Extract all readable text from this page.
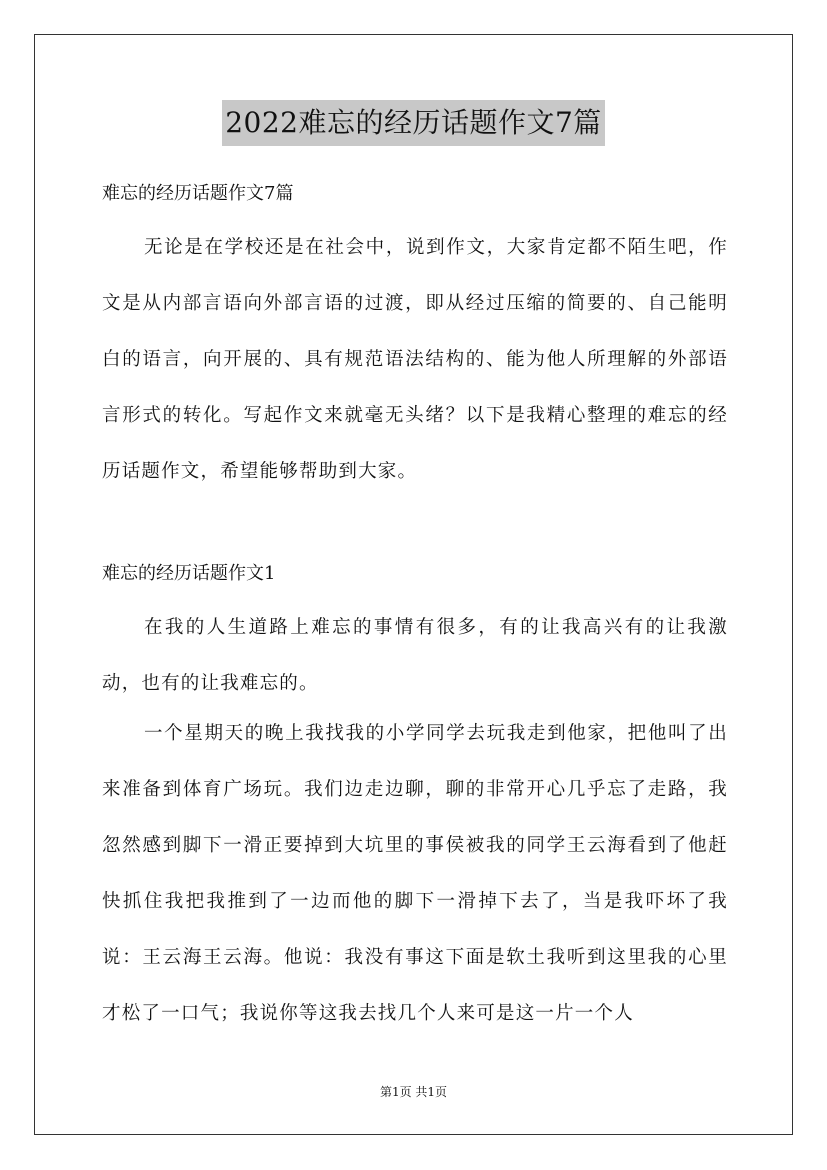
2022难忘的经历话题作文7篇
难忘的经历话题作文7篇

无论是在学校还是在社会中，说到作文，大家肯定都不陌生吧，作文是从内部言语向外部言语的过渡，即从经过压缩的简要的、自己能明白的语言，向开展的、具有规范语法结构的、能为他人所理解的外部语言形式的转化。写起作文来就毫无头绪？以下是我精心整理的难忘的经历话题作文，希望能够帮助到大家。

难忘的经历话题作文1

在我的人生道路上难忘的事情有很多，有的让我高兴有的让我激动，也有的让我难忘的。

一个星期天的晚上我找我的小学同学去玩我走到他家，把他叫了出来准备到体育广场玩。我们边走边聊，聊的非常开心几乎忘了走路，我忽然感到脚下一滑正要掉到大坑里的事侯被我的同学王云海看到了他赶快抓住我把我推到了一边而他的脚下一滑掉下去了，当是我吓坏了我说：王云海王云海。他说：我没有事这下面是软土我听到这里我的心里才松了一口气；我说你等这我去找几个人来可是这一片一个人

第1页 共1页
